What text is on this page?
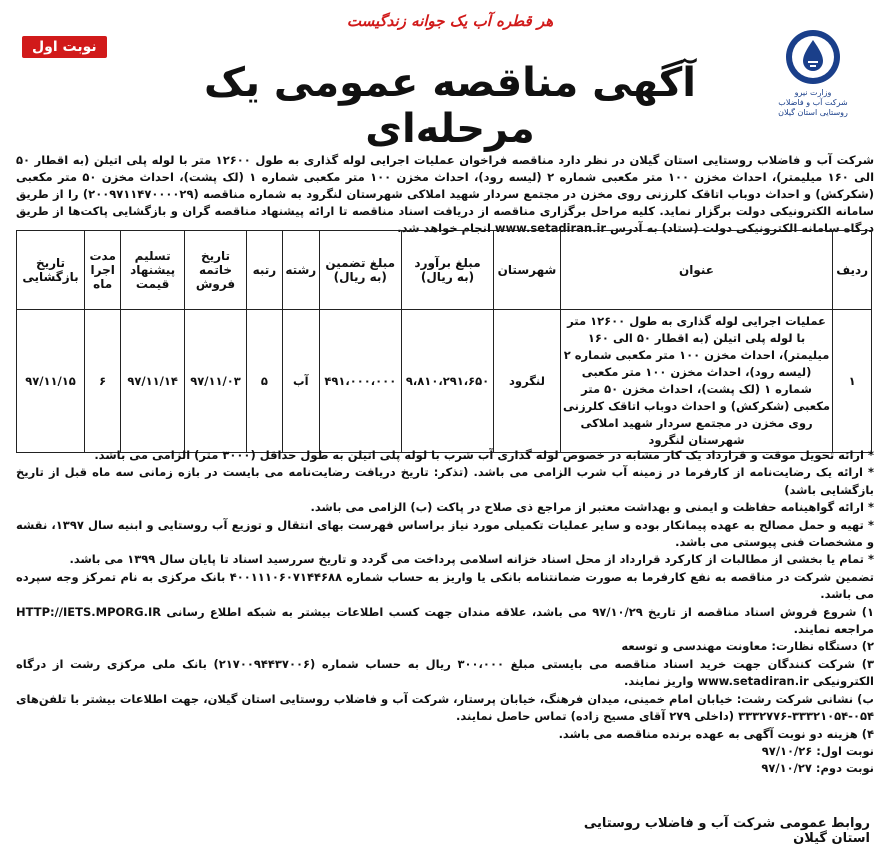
هر قطره آب یک جوانه زندگیست
نوبت اول
آگهی مناقصه عمومی یک مرحله‌ای
وزارت نیرو
شرکت آب و فاضلاب
روستایی استان گیلان
شرکت آب و فاضلاب روستایی استان گیلان در نظر دارد مناقصه فراخوان عملیات اجرایی لوله گذاری به طول ۱۲۶۰۰ متر با لوله پلی اتیلن (به اقطار ۵۰ الی ۱۶۰ میلیمتر)، احداث مخزن ۱۰۰ متر مکعبی شماره ۲ (لیسه رود)، احداث مخزن ۱۰۰ متر مکعبی شماره ۱ (لک پشت)، احداث مخزن ۵۰ متر مکعبی (شکرکش) و احداث دوباب اتاقک کلرزنی روی مخزن در مجتمع سردار شهید املاکی شهرستان لنگرود به شماره مناقصه (۲۰۰۹۷۱۱۴۷۰۰۰۰۲۹) را از طریق سامانه الکترونیکی دولت برگزار نماید. کلیه مراحل برگزاری مناقصه از دریافت اسناد مناقصه تا ارائه پیشنهاد مناقصه گران و بازگشایی پاکت‌ها از طریق درگاه سامانه الکترونیکی دولت (ستاد) به آدرس www.setadiran.ir انجام خواهد شد.
ردیف	عنوان	شهرستان	مبلغ برآورد (به ریال)	مبلغ تضمین (به ریال)	رشته	رتبه	تاریخ خاتمه فروش	تسلیم پیشنهاد قیمت	مدت اجرا ماه	تاریخ بازگشایی
۱	عملیات اجرایی لوله گذاری به طول ۱۲۶۰۰ متر با لوله پلی اتیلن (به اقطار ۵۰ الی ۱۶۰ میلیمتر)، احداث مخزن ۱۰۰ متر مکعبی شماره ۲ (لیسه رود)، احداث مخزن ۱۰۰ متر مکعبی شماره ۱ (لک پشت)، احداث مخزن ۵۰ متر مکعبی (شکرکش) و احداث دوباب اتاقک کلرزنی روی مخزن در مجتمع سردار شهید املاکی شهرستان لنگرود	لنگرود	۹،۸۱۰،۲۹۱،۶۵۰	۴۹۱،۰۰۰،۰۰۰	آب	۵	۹۷/۱۱/۰۳	۹۷/۱۱/۱۴	۶	۹۷/۱۱/۱۵

* ارائه تحویل موقت و قرارداد یک کار مشابه در خصوص لوله گذاری آب شرب با لوله پلی اتیلن به طول حداقل (۳۰۰۰ متر) الزامی می باشد.

* ارائه یک رضایت‌نامه از کارفرما در زمینه آب شرب الزامی می باشد. (تذکر: تاریخ دریافت رضایت‌نامه می بایست در بازه زمانی سه ماه قبل از تاریخ بازگشایی باشد)

* ارائه گواهینامه حفاظت و ایمنی و بهداشت معتبر از مراجع ذی صلاح در پاکت (ب) الزامی می باشد.

* تهیه و حمل مصالح به عهده پیمانکار بوده و سایر عملیات تکمیلی مورد نیاز براساس فهرست بهای انتقال و توزیع آب روستایی و ابنیه سال ۱۳۹۷، نقشه و مشخصات فنی پیوستی می باشد.

* تمام یا بخشی از مطالبات از کارکرد قرارداد از محل اسناد خزانه اسلامی پرداخت می گردد و تاریخ سررسید اسناد تا پایان سال ۱۳۹۹ می باشد.

تضمین شرکت در مناقصه به نفع کارفرما به صورت ضمانتنامه بانکی یا واریز به حساب شماره ۴۰۰۱۱۱۰۶۰۷۱۴۴۶۸۸ بانک مرکزی به نام تمرکز وجه سپرده می باشد.

۱) شروع فروش اسناد مناقصه از تاریخ ۹۷/۱۰/۲۹ می باشد، علاقه مندان جهت کسب اطلاعات بیشتر به شبکه اطلاع رسانی HTTP://IETS.MPORG.IR مراجعه نمایند.

۲) دستگاه نظارت: معاونت مهندسی و توسعه

۳) شرکت کنندگان جهت خرید اسناد مناقصه می بایستی مبلغ ۳۰۰،۰۰۰ ریال به حساب شماره (۲۱۷۰۰۹۴۴۳۷۰۰۶) بانک ملی مرکزی رشت از درگاه الکترونیکی www.setadiran.ir واریز نمایند.

ب) نشانی شرکت رشت: خیابان امام خمینی، میدان فرهنگ، خیابان پرستار، شرکت آب و فاضلاب روستایی استان گیلان، جهت اطلاعات بیشتر با تلفن‌های ۰۵۴-۳۳۳۲۱۰۵۴-۳۳۳۲۷۷۶ (داخلی ۲۷۹ آقای مسیح زاده) تماس حاصل نمایند.

۴) هزینه دو نوبت آگهی به عهده برنده مناقصه می باشد.

نوبت اول: ۹۷/۱۰/۲۶

نوبت دوم: ۹۷/۱۰/۲۷

روابط عمومی شرکت آب و فاضلاب روستایی استان گیلان
